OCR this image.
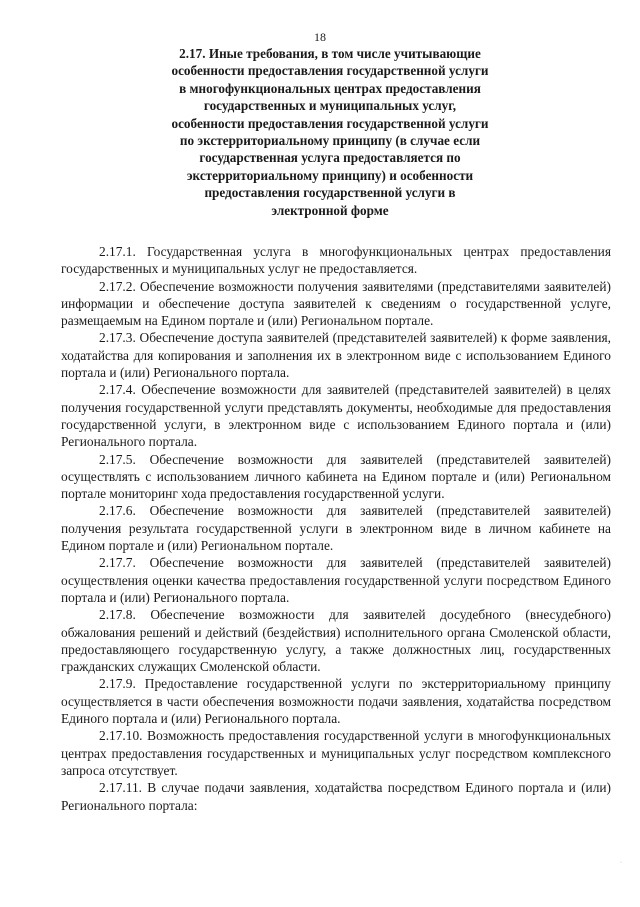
18
2.17. Иные требования, в том числе учитывающие
особенности предоставления государственной услуги
в многофункциональных центрах предоставления
государственных и муниципальных услуг,
особенности предоставления государственной услуги
по экстерриториальному принципу (в случае если
государственная услуга предоставляется по
экстерриториальному принципу) и особенности
предоставления государственной услуги в
электронной форме

2.17.1. Государственная услуга в многофункциональных центрах предоставления государственных и муниципальных услуг не предоставляется.

2.17.2. Обеспечение возможности получения заявителями (представителями заявителей) информации и обеспечение доступа заявителей к сведениям о государственной услуге, размещаемым на Едином портале и (или) Региональном портале.

2.17.3. Обеспечение доступа заявителей (представителей заявителей) к форме заявления, ходатайства для копирования и заполнения их в электронном виде с использованием Единого портала и (или) Регионального портала.

2.17.4. Обеспечение возможности для заявителей (представителей заявителей) в целях получения государственной услуги представлять документы, необходимые для предоставления государственной услуги, в электронном виде с использованием Единого портала и (или) Регионального портала.

2.17.5. Обеспечение возможности для заявителей (представителей заявителей) осуществлять с использованием личного кабинета на Едином портале и (или) Региональном портале мониторинг хода предоставления государственной услуги.

2.17.6. Обеспечение возможности для заявителей (представителей заявителей) получения результата государственной услуги в электронном виде в личном кабинете на Едином портале и (или) Региональном портале.

2.17.7. Обеспечение возможности для заявителей (представителей заявителей) осуществления оценки качества предоставления государственной услуги посредством Единого портала и (или) Регионального портала.

2.17.8. Обеспечение возможности для заявителей досудебного (внесудебного) обжалования решений и действий (бездействия) исполнительного органа Смоленской области, предоставляющего государственную услугу, а также должностных лиц, государственных гражданских служащих Смоленской области.

2.17.9. Предоставление государственной услуги по экстерриториальному принципу осуществляется в части обеспечения возможности подачи заявления, ходатайства посредством Единого портала и (или) Регионального портала.

2.17.10. Возможность предоставления государственной услуги в многофункциональных центрах предоставления государственных и муниципальных услуг посредством комплексного запроса отсутствует.

2.17.11. В случае подачи заявления, ходатайства посредством Единого портала и (или) Регионального портала:

·
